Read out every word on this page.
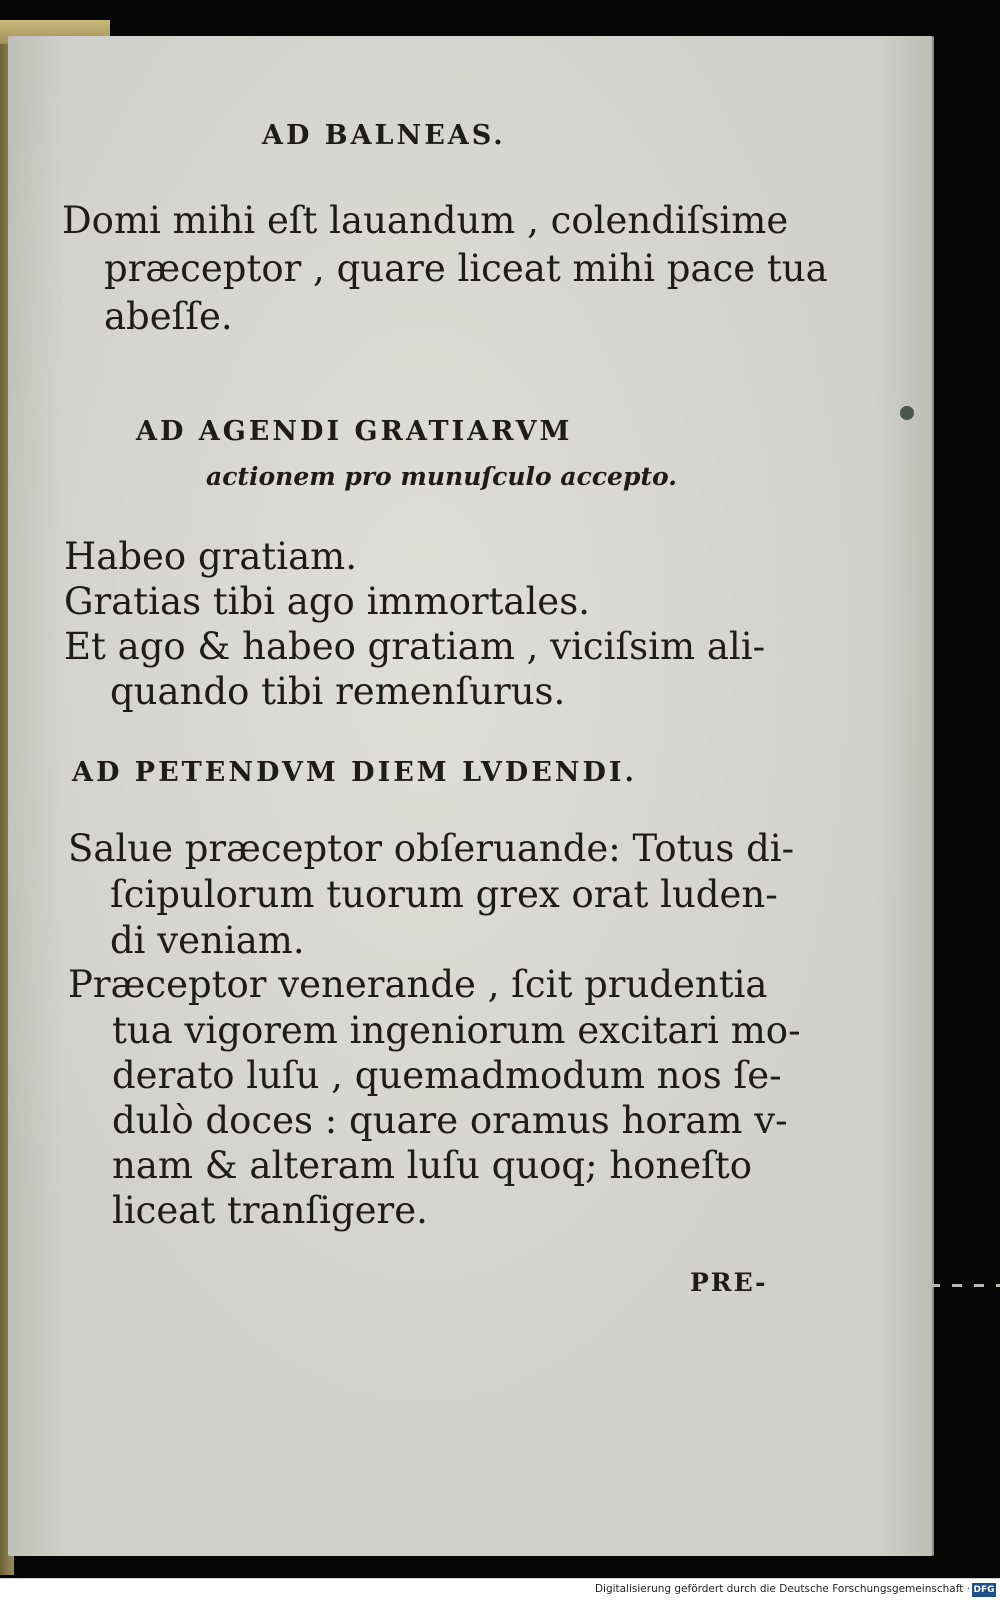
AD BALNEAS.

Domi mihi eſt lauandum , colendiſsime

præceptor , quare liceat mihi pace tua

abeſſe.

AD AGENDI GRATIARVM

actionem pro munuſculo accepto.

Habeo gratiam.

Gratias tibi ago immortales.

Et ago & habeo gratiam , viciſsim ali-

quando tibi remenſurus.

AD PETENDVM DIEM LVDENDI.

Salue præceptor obſeruande: Totus di-

ſcipulorum tuorum grex orat luden-

di veniam.

Præceptor venerande , ſcit prudentia

tua vigorem ingeniorum excitari mo-

derato luſu , quemadmodum nos ſe-

dulò doces : quare oramus horam v-

nam & alteram luſu quoq; honeſto

liceat tranſigere.

PRE-

Digitalisierung gefördert durch die Deutsche Forschungsgemeinschaft · DFG
